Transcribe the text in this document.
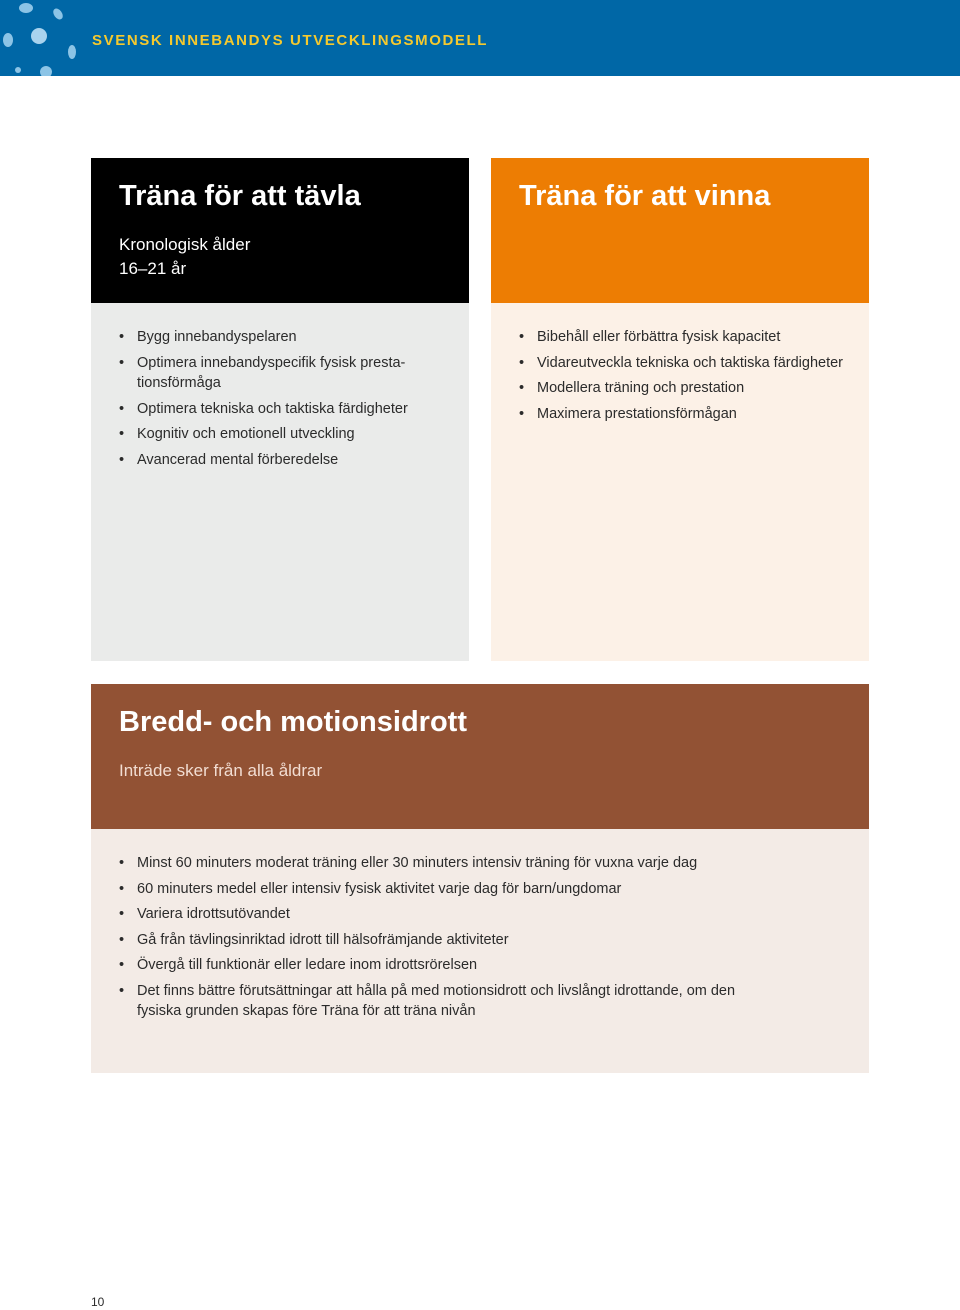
SVENSK INNEBANDYS UTVECKLINGSMODELL
Träna för att tävla
Kronologisk ålder
16–21 år
• Bygg innebandyspelaren
• Optimera innebandyspecifik fysisk prestationsförmåga
• Optimera tekniska och taktiska färdigheter
• Kognitiv och emotionell utveckling
• Avancerad mental förberedelse
Träna för att vinna
• Bibehåll eller förbättra fysisk kapacitet
• Vidareutveckla tekniska och taktiska färdigheter
• Modellera träning och prestation
• Maximera prestationsförmågan
Bredd- och motionsidrott
Inträde sker från alla åldrar
• Minst 60 minuters moderat träning eller 30 minuters intensiv träning för vuxna varje dag
• 60 minuters medel eller intensiv fysisk aktivitet varje dag för barn/ungdomar
• Variera idrottsutövandet
• Gå från tävlingsinriktad idrott till hälsofrämjande aktiviteter
• Övergå till funktionär eller ledare inom idrottsrörelsen
• Det finns bättre förutsättningar att hålla på med motionsidrott och livslångt idrottande, om den fysiska grunden skapas före Träna för att träna nivån
10
